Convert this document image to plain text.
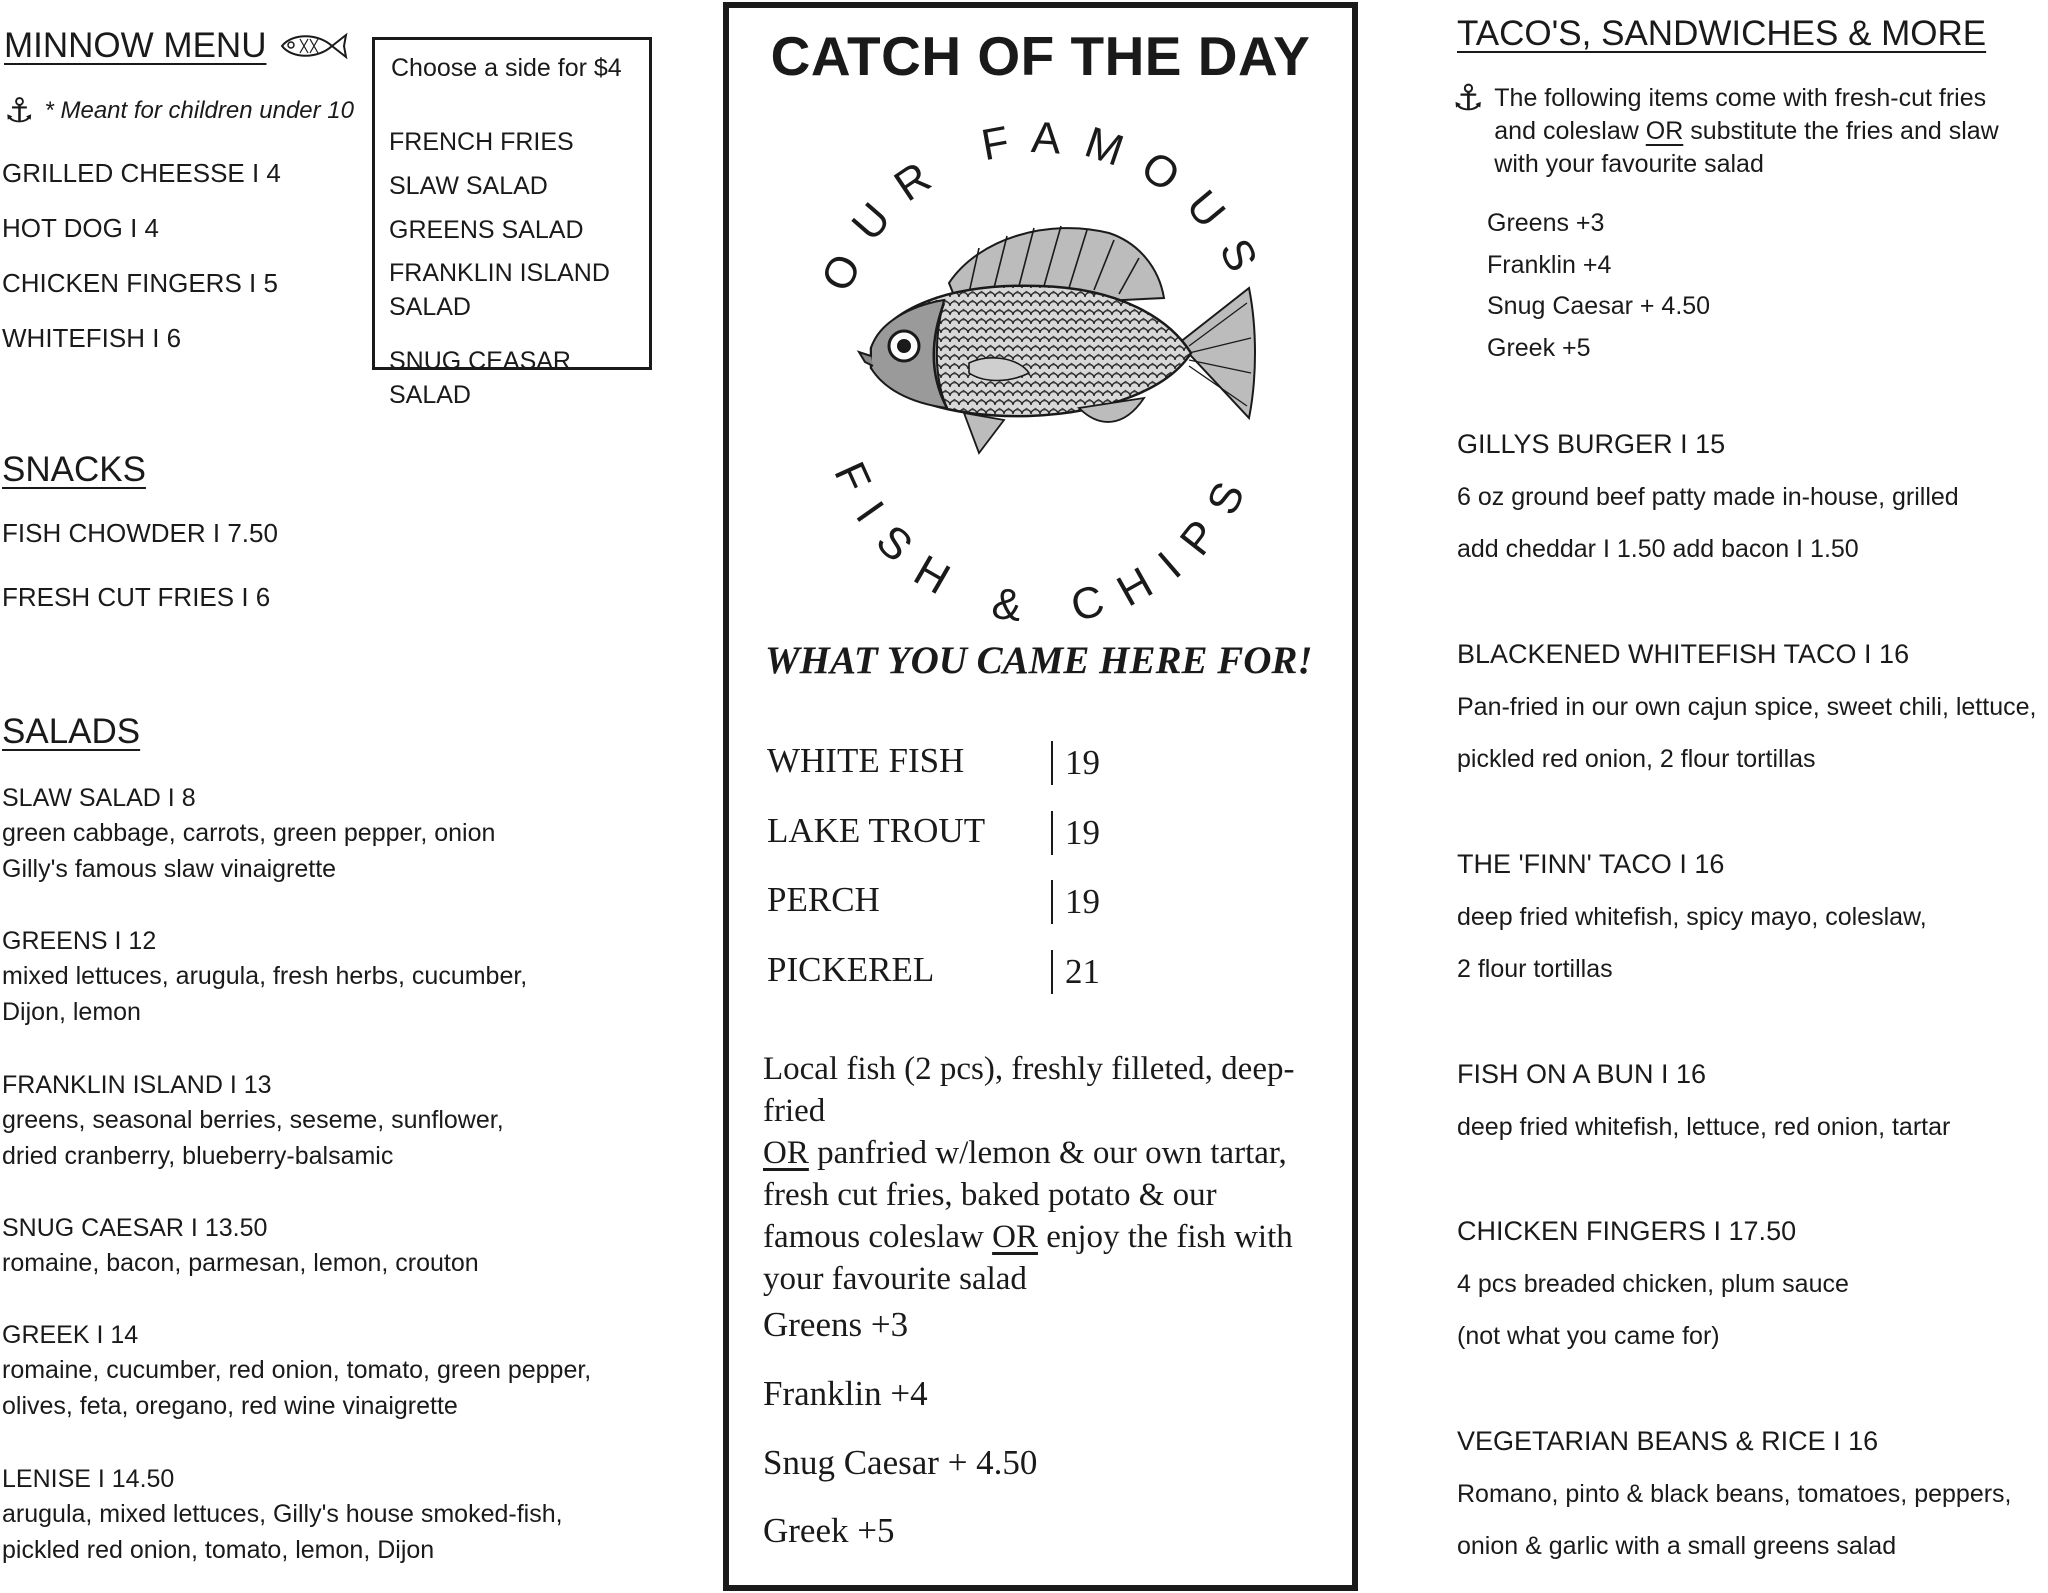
MINNOW MENU
⚓ * Meant for children under 10
GRILLED CHEESSE I 4
HOT DOG I 4
CHICKEN FINGERS I 5
WHITEFISH I 6
Choose a side for $4
FRENCH FRIES
SLAW SALAD
GREENS SALAD
FRANKLIN ISLAND
SALAD
SNUG CEASAR SALAD
SNACKS
FISH CHOWDER I 7.50
FRESH CUT FRIES I 6
SALADS
SLAW SALAD I 8
green cabbage, carrots, green pepper, onion
Gilly's famous slaw vinaigrette
GREENS I 12
mixed lettuces, arugula, fresh herbs, cucumber,
Dijon, lemon
FRANKLIN ISLAND I 13
greens, seasonal berries, seseme, sunflower,
dried cranberry, blueberry-balsamic
SNUG CAESAR I 13.50
romaine, bacon, parmesan, lemon, crouton
GREEK I 14
romaine, cucumber, red onion, tomato, green pepper,
olives, feta, oregano, red wine vinaigrette
LENISE I 14.50
arugula, mixed lettuces, Gilly's house smoked-fish,
pickled red onion, tomato, lemon, Dijon
CATCH OF THE DAY
OUR FAMOUS
FISH & CHIPS
WHAT YOU CAME HERE FOR!
WHITE FISH	19
LAKE TROUT	19
PERCH	19
PICKEREL	21
Local fish (2 pcs), freshly filleted, deep-fried
OR panfried w/lemon & our own tartar,
fresh cut fries, baked potato & our
famous coleslaw OR enjoy the fish with
your favourite salad
Greens +3
Franklin +4
Snug Caesar + 4.50
Greek +5
TACO'S, SANDWICHES & MORE
⚓ The following items come with fresh-cut fries
and coleslaw OR substitute the fries and slaw
with your favourite salad
Greens +3
Franklin +4
Snug Caesar + 4.50
Greek +5
GILLYS BURGER I 15
6 oz ground beef patty made in-house, grilled
add cheddar I 1.50 add bacon I 1.50
BLACKENED WHITEFISH TACO I 16
Pan-fried in our own cajun spice, sweet chili, lettuce,
pickled red onion, 2 flour tortillas
THE 'FINN' TACO I 16
deep fried whitefish, spicy mayo, coleslaw,
2 flour tortillas
FISH ON A BUN I 16
deep fried whitefish, lettuce, red onion, tartar
CHICKEN FINGERS I 17.50
4 pcs breaded chicken, plum sauce
(not what you came for)
VEGETARIAN BEANS & RICE I 16
Romano, pinto & black beans, tomatoes, peppers,
onion & garlic with a small greens salad
